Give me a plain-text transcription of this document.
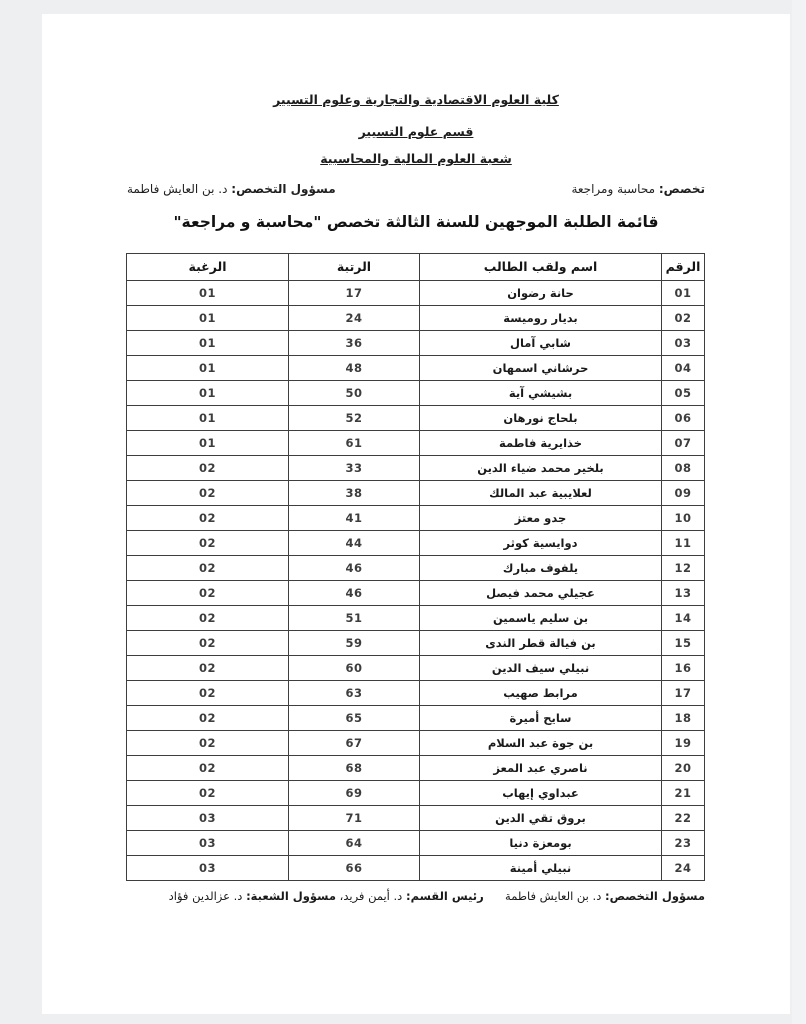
كلية العلوم الاقتصادية والتجارية وعلوم التسيير
قسم علوم التسيير
شعبة العلوم المالية والمحاسبية
تخصص: محاسبة ومراجعة
مسؤول التخصص: د. بن العايش فاطمة
قائمة الطلبة الموجهين للسنة الثالثة تخصص "محاسبة و مراجعة"
الرقم	اسم ولقب الطالب	الرتبة	الرغبة
01	حانة رضوان	17	01
02	بديار روميسة	24	01
03	شابي آمال	36	01
04	حرشاني اسمهان	48	01
05	بشيشي آية	50	01
06	بلحاج نورهان	52	01
07	خذايرية فاطمة	61	01
08	بلخير محمد ضياء الدين	33	02
09	لعلايبية عبد المالك	38	02
10	جدو معتز	41	02
11	دوايسية كوثر	44	02
12	يلفوف مبارك	46	02
13	عجيلي محمد فيصل	46	02
14	بن سليم ياسمين	51	02
15	بن فيالة قطر الندى	59	02
16	نبيلي سيف الدين	60	02
17	مرابط صهيب	63	02
18	سايح أميرة	65	02
19	بن جوة عبد السلام	67	02
20	ناصري عبد المعز	68	02
21	عبداوي إيهاب	69	02
22	بروق تقي الدين	71	03
23	بومعزة دنيا	64	03
24	نبيلي أمينة	66	03
مسؤول التخصص: د. بن العايش فاطمة  رئيس القسم: د. أيمن فريد، مسؤول الشعبة: د. عزالدين فؤاد
